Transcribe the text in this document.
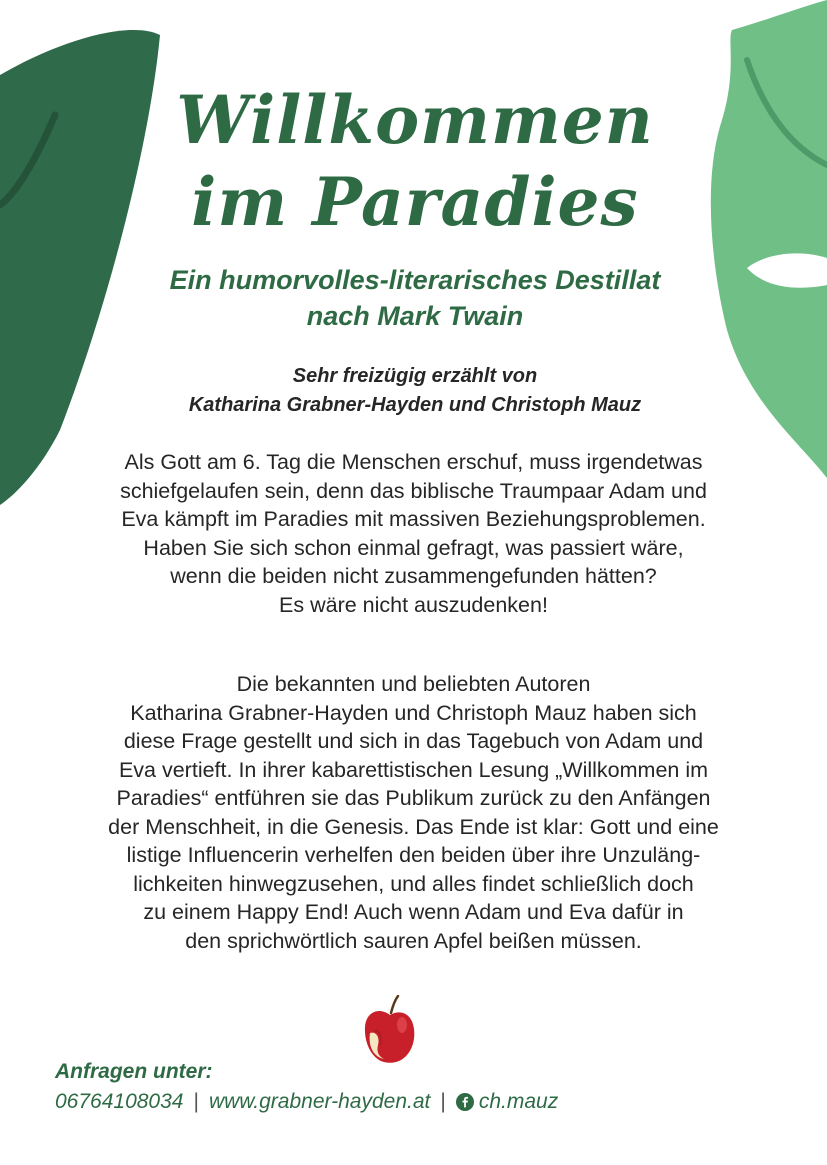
Willkommen
im Paradies
Ein humorvolles-literarisches Destillat
nach Mark Twain
Sehr freizügig erzählt von
Katharina Grabner-Hayden und Christoph Mauz
Als Gott am 6. Tag die Menschen erschuf, muss irgendetwas
schiefgelaufen sein, denn das biblische Traumpaar Adam und
Eva kämpft im Paradies mit massiven Beziehungsproblemen.
Haben Sie sich schon einmal gefragt, was passiert wäre,
wenn die beiden nicht zusammengefunden hätten?
Es wäre nicht auszudenken!
Die bekannten und beliebten Autoren
Katharina Grabner-Hayden und Christoph Mauz haben sich
diese Frage gestellt und sich in das Tagebuch von Adam und
Eva vertieft. In ihrer kabarettistischen Lesung „Willkommen im
Paradies“ entführen sie das Publikum zurück zu den Anfängen
der Menschheit, in die Genesis. Das Ende ist klar: Gott und eine
listige Influencerin verhelfen den beiden über ihre Unzuläng-
lichkeiten hinwegzusehen, und alles findet schließlich doch
zu einem Happy End! Auch wenn Adam und Eva dafür in
den sprichwörtlich sauren Apfel beißen müssen.
Anfragen unter:
06764108034 | www.grabner-hayden.at | ch.mauz
